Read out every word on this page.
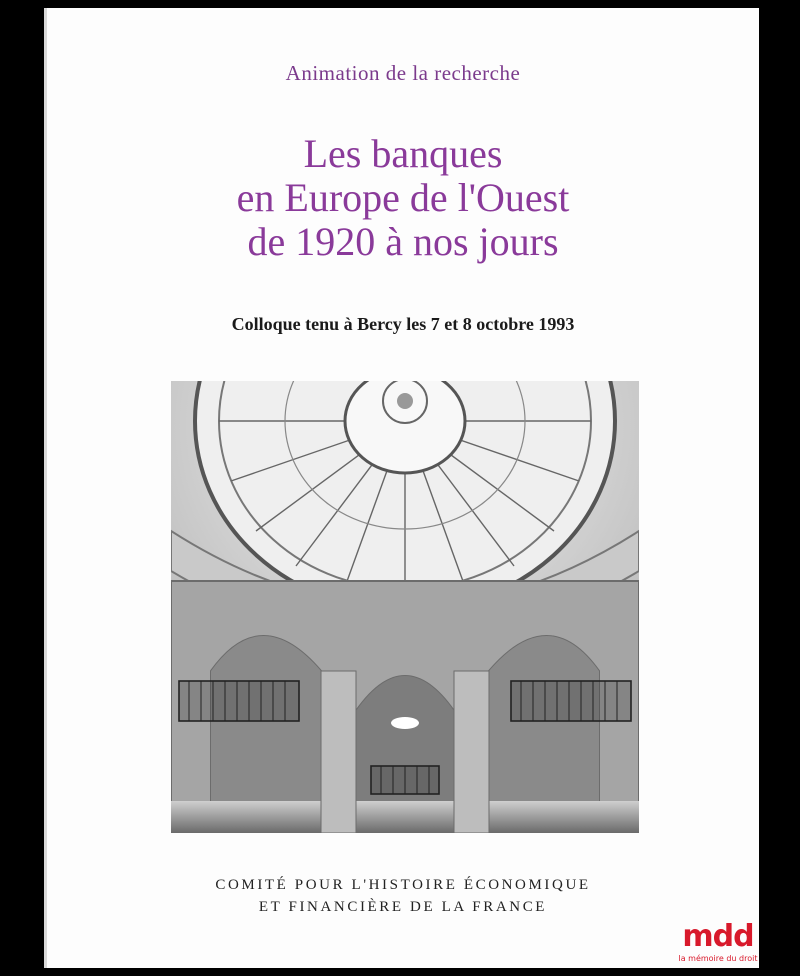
Animation de la recherche
Les banques
en Europe de l'Ouest
de 1920 à nos jours
Colloque tenu à Bercy les 7 et 8 octobre 1993
COMITÉ POUR L'HISTOIRE ÉCONOMIQUE
ET FINANCIÈRE DE LA FRANCE
mdd
la mémoire du droit
